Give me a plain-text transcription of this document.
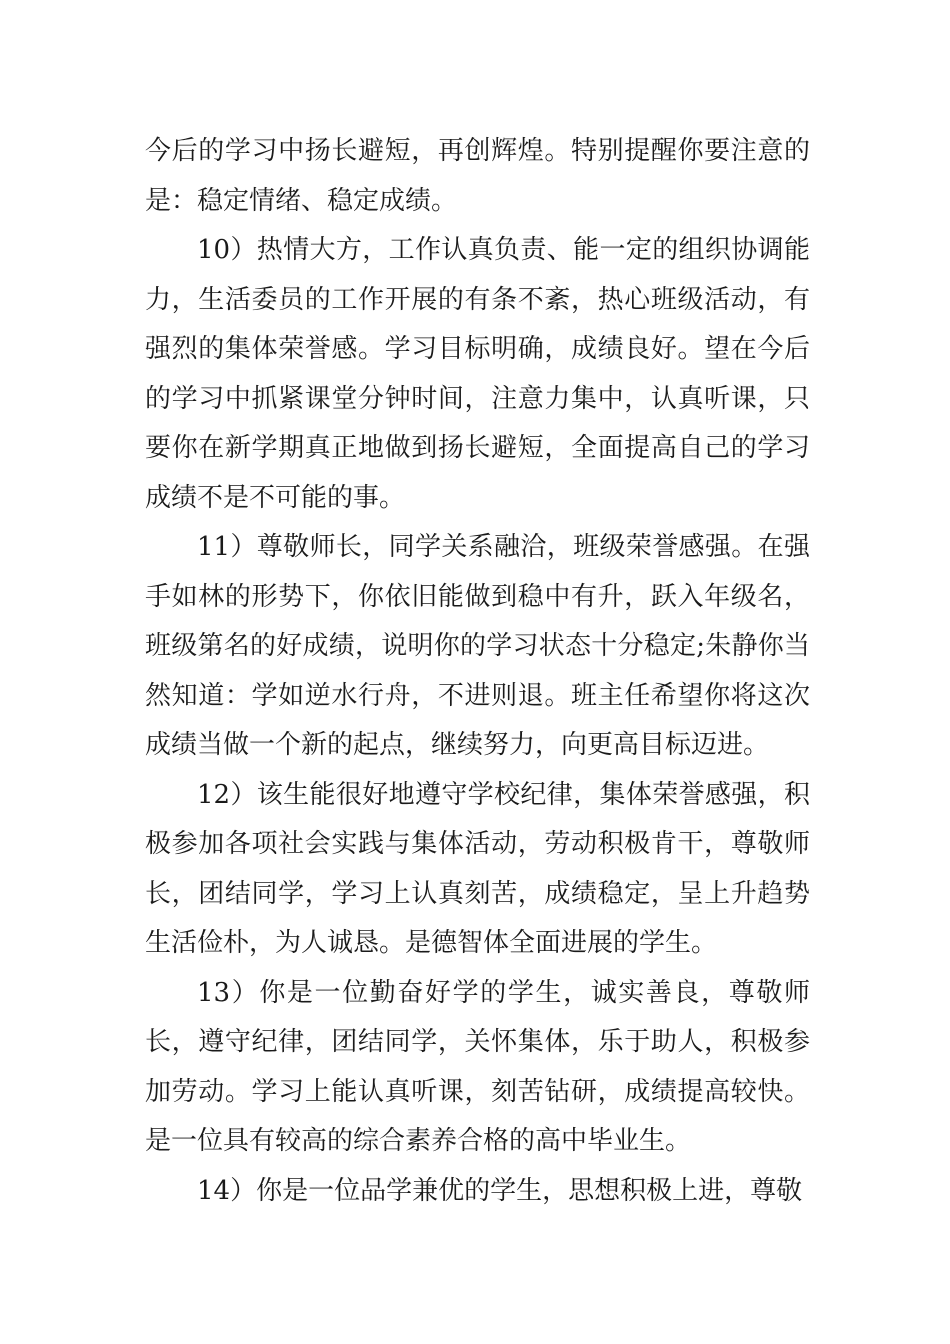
今后的学习中扬长避短，再创辉煌。特别提醒你要注意的是：稳定情绪、稳定成绩。

10）热情大方，工作认真负责、能一定的组织协调能力，生活委员的工作开展的有条不紊，热心班级活动，有强烈的集体荣誉感。学习目标明确，成绩良好。望在今后的学习中抓紧课堂分钟时间，注意力集中，认真听课，只要你在新学期真正地做到扬长避短，全面提高自己的学习成绩不是不可能的事。

11）尊敬师长，同学关系融洽，班级荣誉感强。在强手如林的形势下，你依旧能做到稳中有升，跃入年级名，班级第名的好成绩，说明你的学习状态十分稳定;朱静你当然知道：学如逆水行舟，不进则退。班主任希望你将这次成绩当做一个新的起点，继续努力，向更高目标迈进。

12）该生能很好地遵守学校纪律，集体荣誉感强，积极参加各项社会实践与集体活动，劳动积极肯干，尊敬师长，团结同学，学习上认真刻苦，成绩稳定，呈上升趋势生活俭朴，为人诚恳。是德智体全面进展的学生。

13）你是一位勤奋好学的学生，诚实善良，尊敬师长，遵守纪律，团结同学，关怀集体，乐于助人，积极参加劳动。学习上能认真听课，刻苦钻研，成绩提高较快。是一位具有较高的综合素养合格的高中毕业生。

14）你是一位品学兼优的学生，思想积极上进，尊敬
